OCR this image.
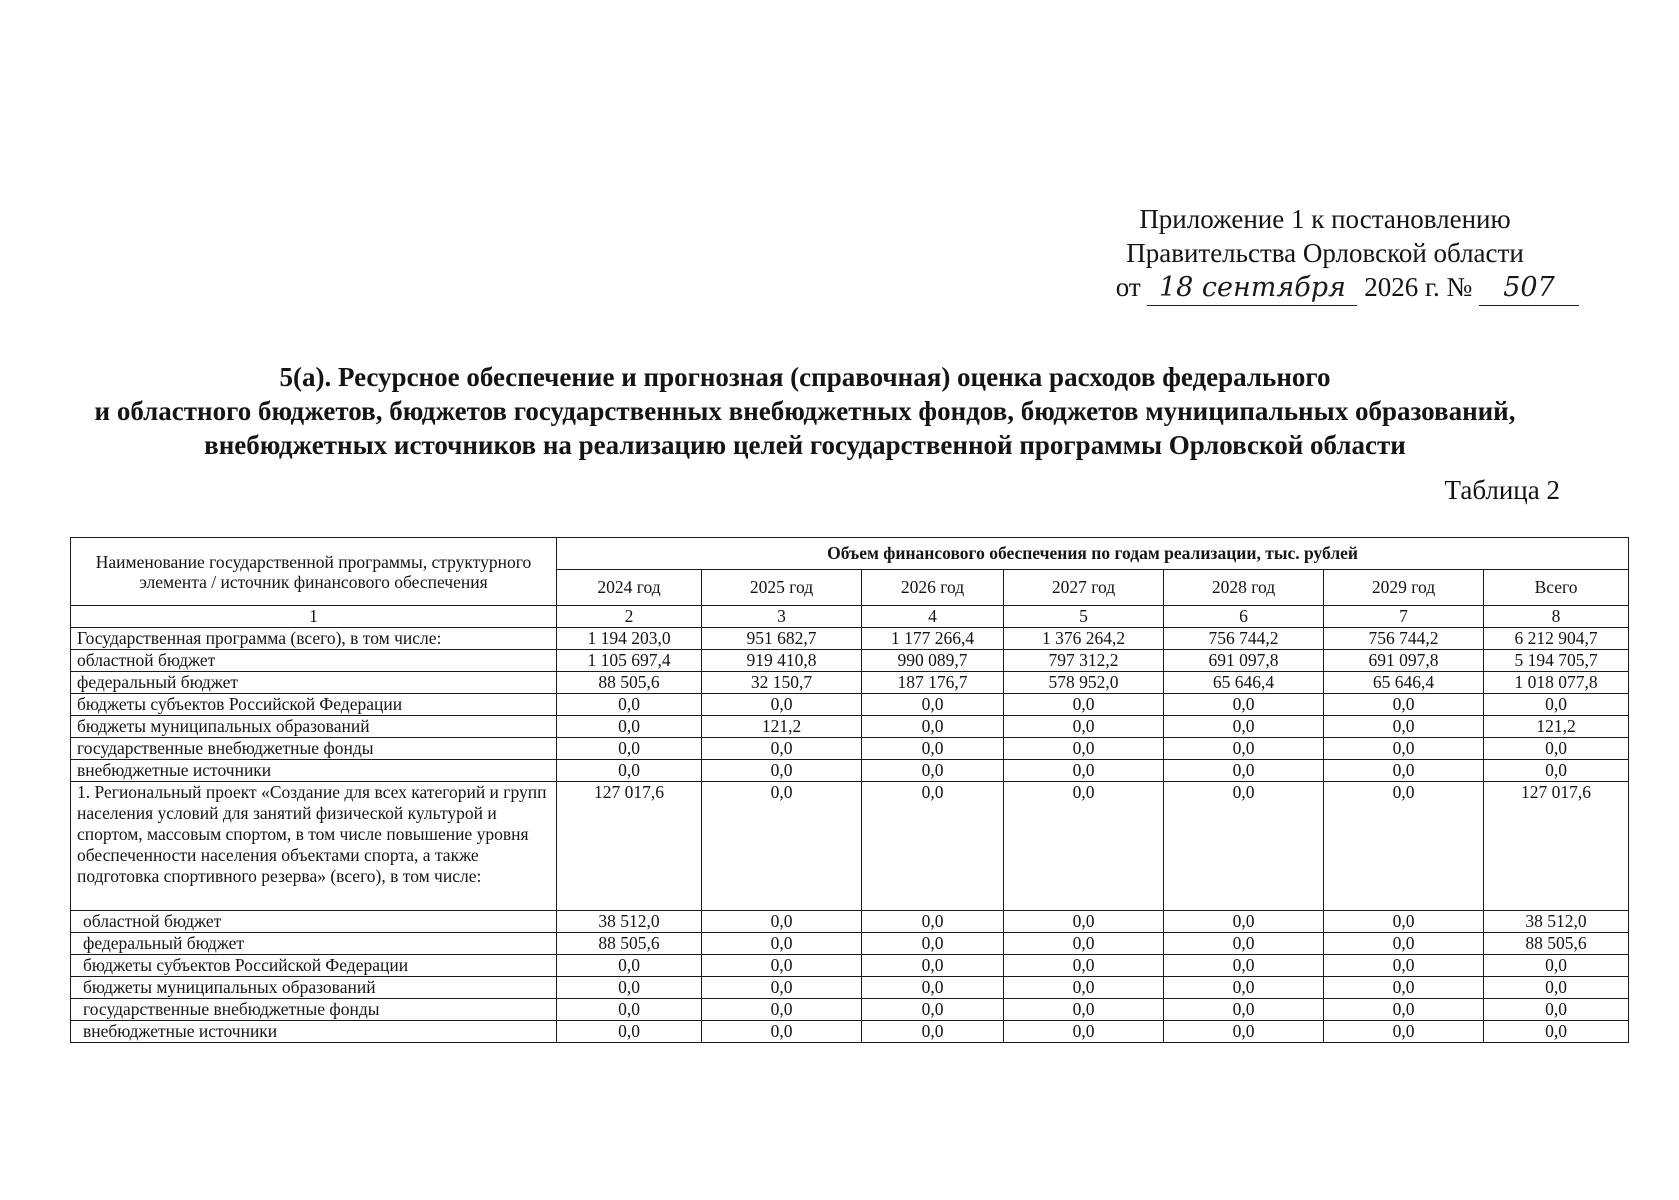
Приложение 1 к постановлению
Правительства Орловской области
от 18 сентября 2026 г. № 507
5(а). Ресурсное обеспечение и прогнозная (справочная) оценка расходов федерального
и областного бюджетов, бюджетов государственных внебюджетных фондов, бюджетов муниципальных образований,
внебюджетных источников на реализацию целей государственной программы Орловской области
Таблица 2
Наименование государственной программы, структурного элемента / источник финансового обеспечения	Объем финансового обеспечения по годам реализации, тыс. рублей						
	2024 год	2025 год	2026 год	2027 год	2028 год	2029 год	Всего
1	2	3	4	5	6	7	8
Государственная программа (всего), в том числе:	1 194 203,0	951 682,7	1 177 266,4	1 376 264,2	756 744,2	756 744,2	6 212 904,7
областной бюджет	1 105 697,4	919 410,8	990 089,7	797 312,2	691 097,8	691 097,8	5 194 705,7
федеральный бюджет	88 505,6	32 150,7	187 176,7	578 952,0	65 646,4	65 646,4	1 018 077,8
бюджеты субъектов Российской Федерации	0,0	0,0	0,0	0,0	0,0	0,0	0,0
бюджеты муниципальных образований	0,0	121,2	0,0	0,0	0,0	0,0	121,2
государственные внебюджетные фонды	0,0	0,0	0,0	0,0	0,0	0,0	0,0
внебюджетные источники	0,0	0,0	0,0	0,0	0,0	0,0	0,0
1. Региональный проект «Создание для всех категорий и групп населения условий для занятий физической культурой и спортом, массовым спортом, в том числе повышение уровня обеспеченности населения объектами спорта, а также подготовка спортивного резерва» (всего), в том числе:	127 017,6	0,0	0,0	0,0	0,0	0,0	127 017,6
областной бюджет	38 512,0	0,0	0,0	0,0	0,0	0,0	38 512,0
федеральный бюджет	88 505,6	0,0	0,0	0,0	0,0	0,0	88 505,6
бюджеты субъектов Российской Федерации	0,0	0,0	0,0	0,0	0,0	0,0	0,0
бюджеты муниципальных образований	0,0	0,0	0,0	0,0	0,0	0,0	0,0
государственные внебюджетные фонды	0,0	0,0	0,0	0,0	0,0	0,0	0,0
внебюджетные источники	0,0	0,0	0,0	0,0	0,0	0,0	0,0
